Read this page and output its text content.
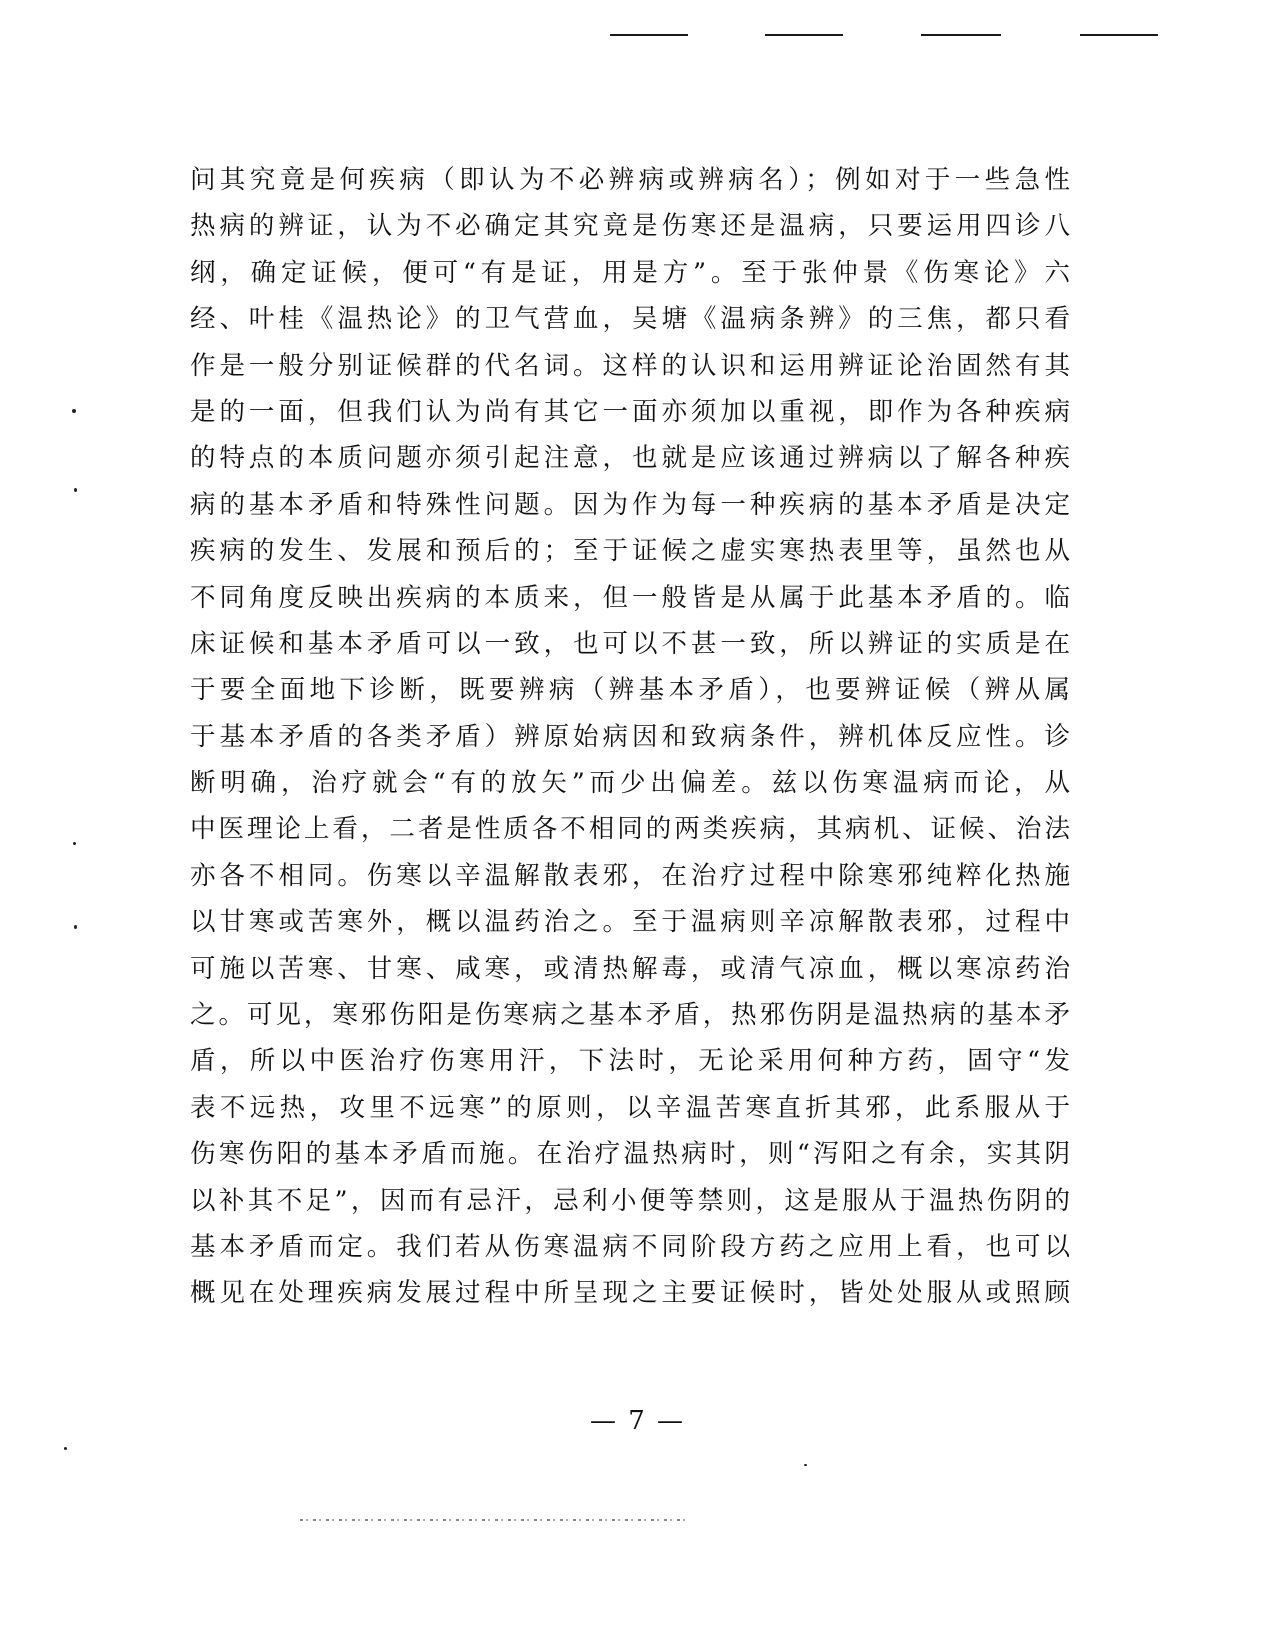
问其究竟是何疾病（即认为不必辨病或辨病名）；例如对于一些急性
热病的辨证，认为不必确定其究竟是伤寒还是温病，只要运用四诊八
纲，确定证候，便可“有是证，用是方”。至于张仲景《伤寒论》六
经、叶桂《温热论》的卫气营血，吴塘《温病条辨》的三焦，都只看
作是一般分别证候群的代名词。这样的认识和运用辨证论治固然有其
是的一面，但我们认为尚有其它一面亦须加以重视，即作为各种疾病
的特点的本质问题亦须引起注意，也就是应该通过辨病以了解各种疾
病的基本矛盾和特殊性问题。因为作为每一种疾病的基本矛盾是决定
疾病的发生、发展和预后的；至于证候之虚实寒热表里等，虽然也从
不同角度反映出疾病的本质来，但一般皆是从属于此基本矛盾的。临
床证候和基本矛盾可以一致，也可以不甚一致，所以辨证的实质是在
于要全面地下诊断，既要辨病（辨基本矛盾），也要辨证候（辨从属
于基本矛盾的各类矛盾）辨原始病因和致病条件，辨机体反应性。诊
断明确，治疗就会“有的放矢”而少出偏差。兹以伤寒温病而论，从
中医理论上看，二者是性质各不相同的两类疾病，其病机、证候、治法
亦各不相同。伤寒以辛温解散表邪，在治疗过程中除寒邪纯粹化热施
以甘寒或苦寒外，概以温药治之。至于温病则辛凉解散表邪，过程中
可施以苦寒、甘寒、咸寒，或清热解毒，或清气凉血，概以寒凉药治
之。可见，寒邪伤阳是伤寒病之基本矛盾，热邪伤阴是温热病的基本矛
盾，所以中医治疗伤寒用汗，下法时，无论采用何种方药，固守“发
表不远热，攻里不远寒”的原则，以辛温苦寒直折其邪，此系服从于
伤寒伤阳的基本矛盾而施。在治疗温热病时，则“泻阳之有余，实其阴
以补其不足”，因而有忌汗，忌利小便等禁则，这是服从于温热伤阴的
基本矛盾而定。我们若从伤寒温病不同阶段方药之应用上看，也可以
概见在处理疾病发展过程中所呈现之主要证候时，皆处处服从或照顾
— 7 —
